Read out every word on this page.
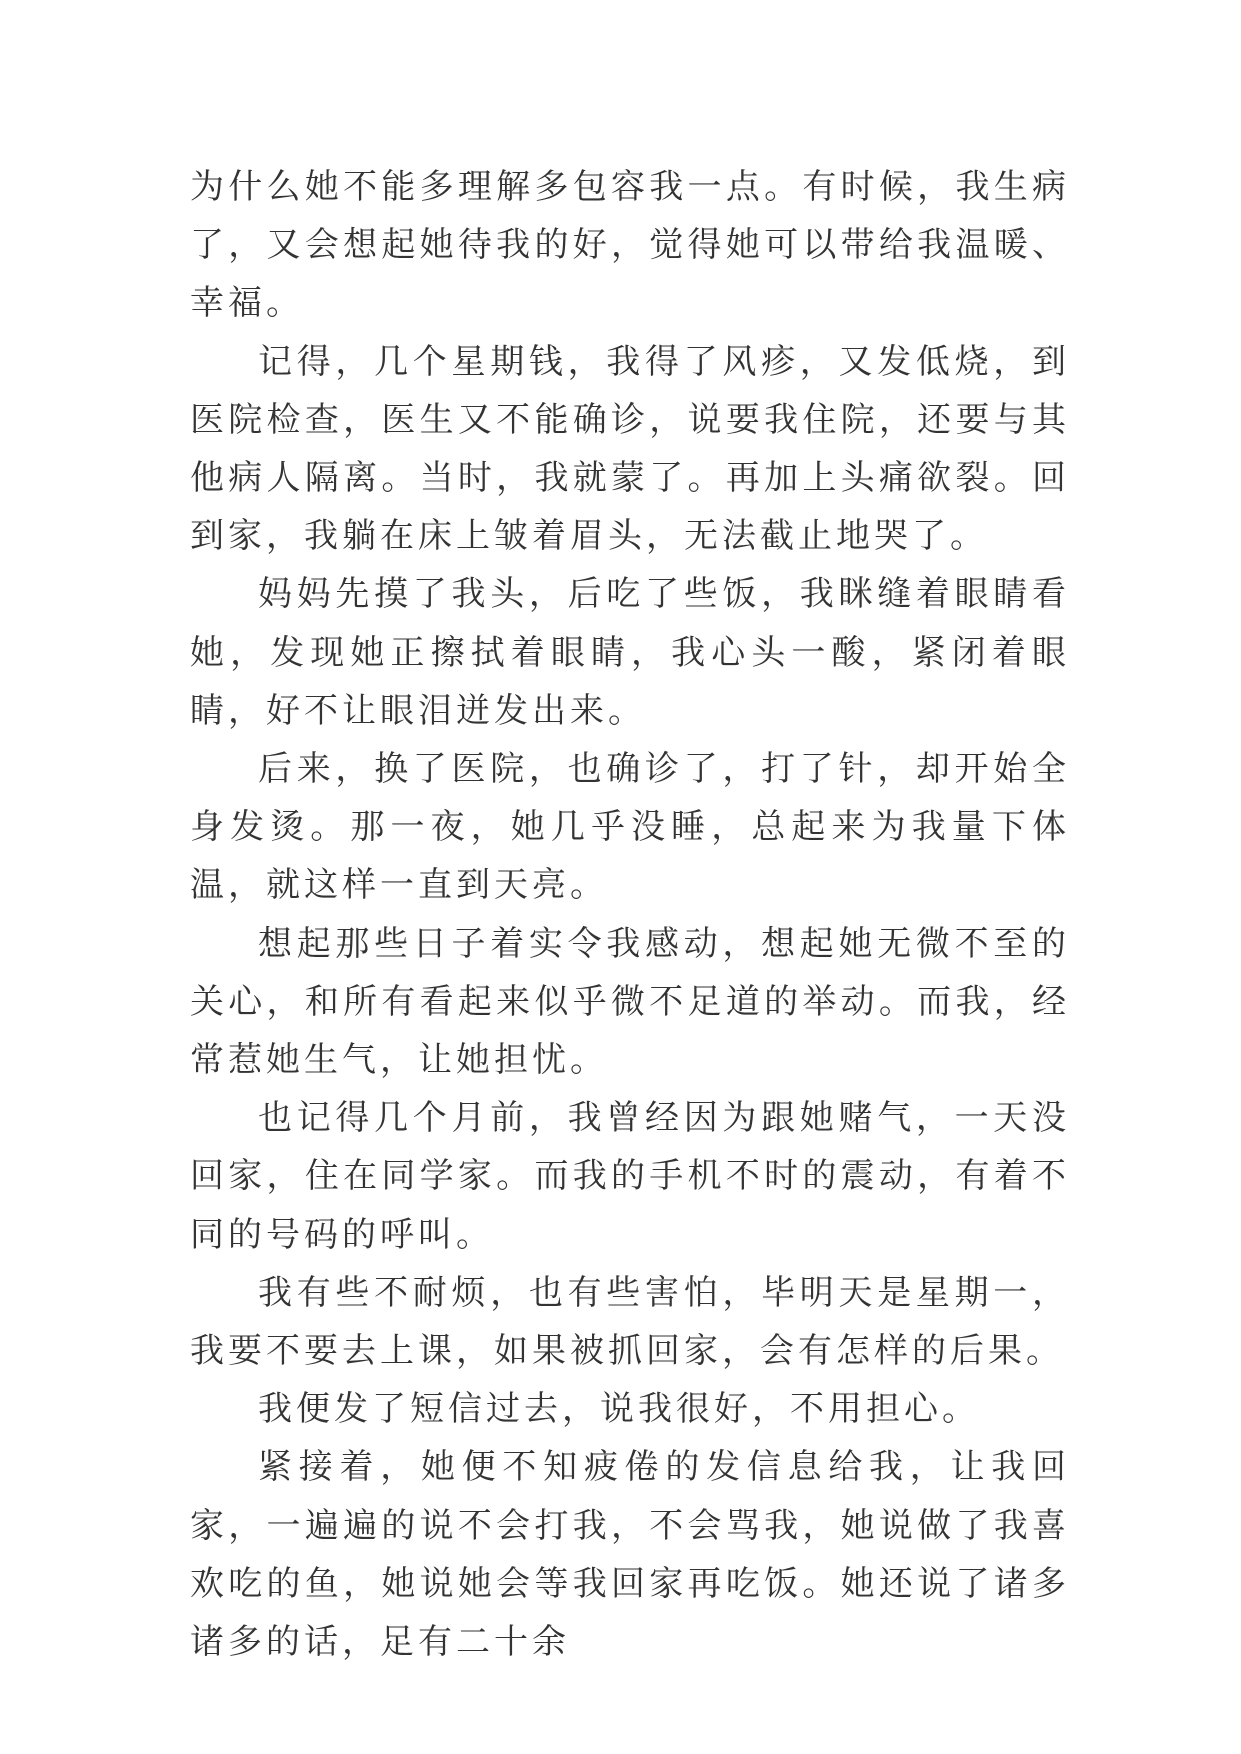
为什么她不能多理解多包容我一点。有时候，我生病了，又会想起她待我的好，觉得她可以带给我温暖、幸福。

记得，几个星期钱，我得了风疹，又发低烧，到医院检查，医生又不能确诊，说要我住院，还要与其他病人隔离。当时，我就蒙了。再加上头痛欲裂。回到家，我躺在床上皱着眉头，无法截止地哭了。

妈妈先摸了我头，后吃了些饭，我眯缝着眼睛看她，发现她正擦拭着眼睛，我心头一酸，紧闭着眼睛，好不让眼泪迸发出来。

后来，换了医院，也确诊了，打了针，却开始全身发烫。那一夜，她几乎没睡，总起来为我量下体温，就这样一直到天亮。

想起那些日子着实令我感动，想起她无微不至的关心，和所有看起来似乎微不足道的举动。而我，经常惹她生气，让她担忧。

也记得几个月前，我曾经因为跟她赌气，一天没回家，住在同学家。而我的手机不时的震动，有着不同的号码的呼叫。

我有些不耐烦，也有些害怕，毕明天是星期一，我要不要去上课，如果被抓回家，会有怎样的后果。

我便发了短信过去，说我很好，不用担心。

紧接着，她便不知疲倦的发信息给我，让我回家，一遍遍的说不会打我，不会骂我，她说做了我喜欢吃的鱼，她说她会等我回家再吃饭。她还说了诸多诸多的话，足有二十余
